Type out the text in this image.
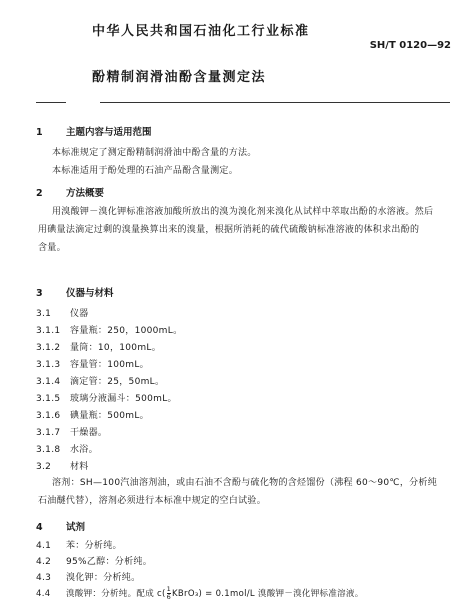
中华人民共和国石油化工行业标准
SH/T 0120—92
酚精制润滑油酚含量测定法
1 主题内容与适用范围
本标准规定了测定酚精制润滑油中酚含量的方法。
本标准适用于酚处理的石油产品酚含量测定。
2 方法概要
用溴酸钾－溴化钾标准溶液加酸所放出的溴为溴化剂来溴化从试样中萃取出酚的水溶液。然后
用碘量法滴定过剩的溴量换算出来的溴量，根据所消耗的硫代硫酸钠标准溶液的体积求出酚的
含量。
3 仪器与材料
3.1 仪器
3.1.1 容量瓶：250，1000mL。
3.1.2 量筒：10，100mL。
3.1.3 容量管：100mL。
3.1.4 滴定管：25，50mL。
3.1.5 玻璃分液漏斗：500mL。
3.1.6 碘量瓶：500mL。
3.1.7 干燥器。
3.1.8 水浴。
3.2 材料
溶剂：SH—100汽油溶剂油，或由石油不含酚与硫化物的含烃馏份（沸程 60～90℃，分析纯
石油醚代替），溶剂必须进行本标准中规定的空白试验。
4 试剂
4.1 苯：分析纯。
4.2 95%乙醇：分析纯。
4.3 溴化钾：分析纯。
4.4 溴酸钾：分析纯。配成 $c( \frac{1}{6}$ KBrO₃) = 0.1mol/L 溴酸钾－溴化钾标准溶液。
